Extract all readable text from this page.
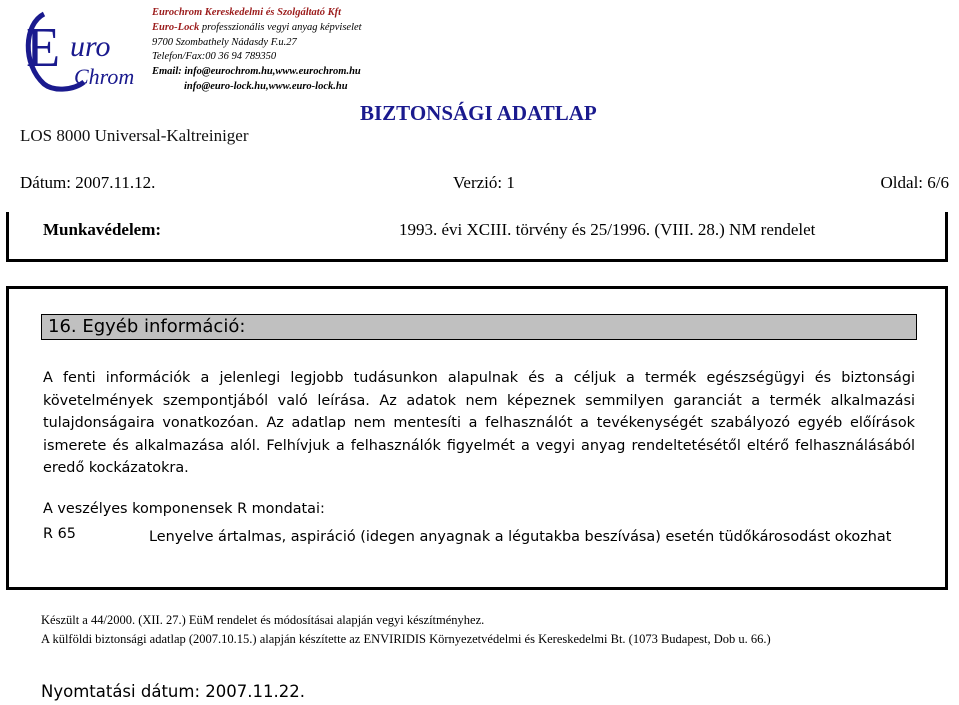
E uro
Chrom
Eurochrom Kereskedelmi és Szolgáltató Kft
Euro-Lock professzionális vegyi anyag képviselet
9700 Szombathely Nádasdy F.u.27
Telefon/Fax:00 36 94 789350
Email: info@eurochrom.hu,www.eurochrom.hu
info@euro-lock.hu,www.euro-lock.hu
BIZTONSÁGI ADATLAP
LOS 8000 Universal-Kaltreiniger
Dátum: 2007.11.12.	Verzió: 1	Oldal: 6/6
Munkavédelem:	1993. évi XCIII. törvény és 25/1996. (VIII. 28.) NM rendelet
16. Egyéb információ:
A fenti információk a jelenlegi legjobb tudásunkon alapulnak és a céljuk a termék egészségügyi és biztonsági követelmények szempontjából való leírása. Az adatok nem képeznek semmilyen garanciát a termék alkalmazási tulajdonságaira vonatkozóan. Az adatlap nem mentesíti a felhasználót a tevékenységét szabályozó egyéb előírások ismerete és alkalmazása alól. Felhívjuk a felhasználók figyelmét a vegyi anyag rendeltetésétől eltérő felhasználásából eredő kockázatokra.
A veszélyes komponensek R mondatai:
R 65	Lenyelve ártalmas, aspiráció (idegen anyagnak a légutakba beszívása) esetén tüdőkárosodást okozhat
Készült a 44/2000. (XII. 27.) EüM rendelet és módosításai alapján vegyi készítményhez.
A külföldi biztonsági adatlap (2007.10.15.) alapján készítette az ENVIRIDIS Környezetvédelmi és Kereskedelmi Bt. (1073 Budapest, Dob u. 66.)
Nyomtatási dátum: 2007.11.22.
